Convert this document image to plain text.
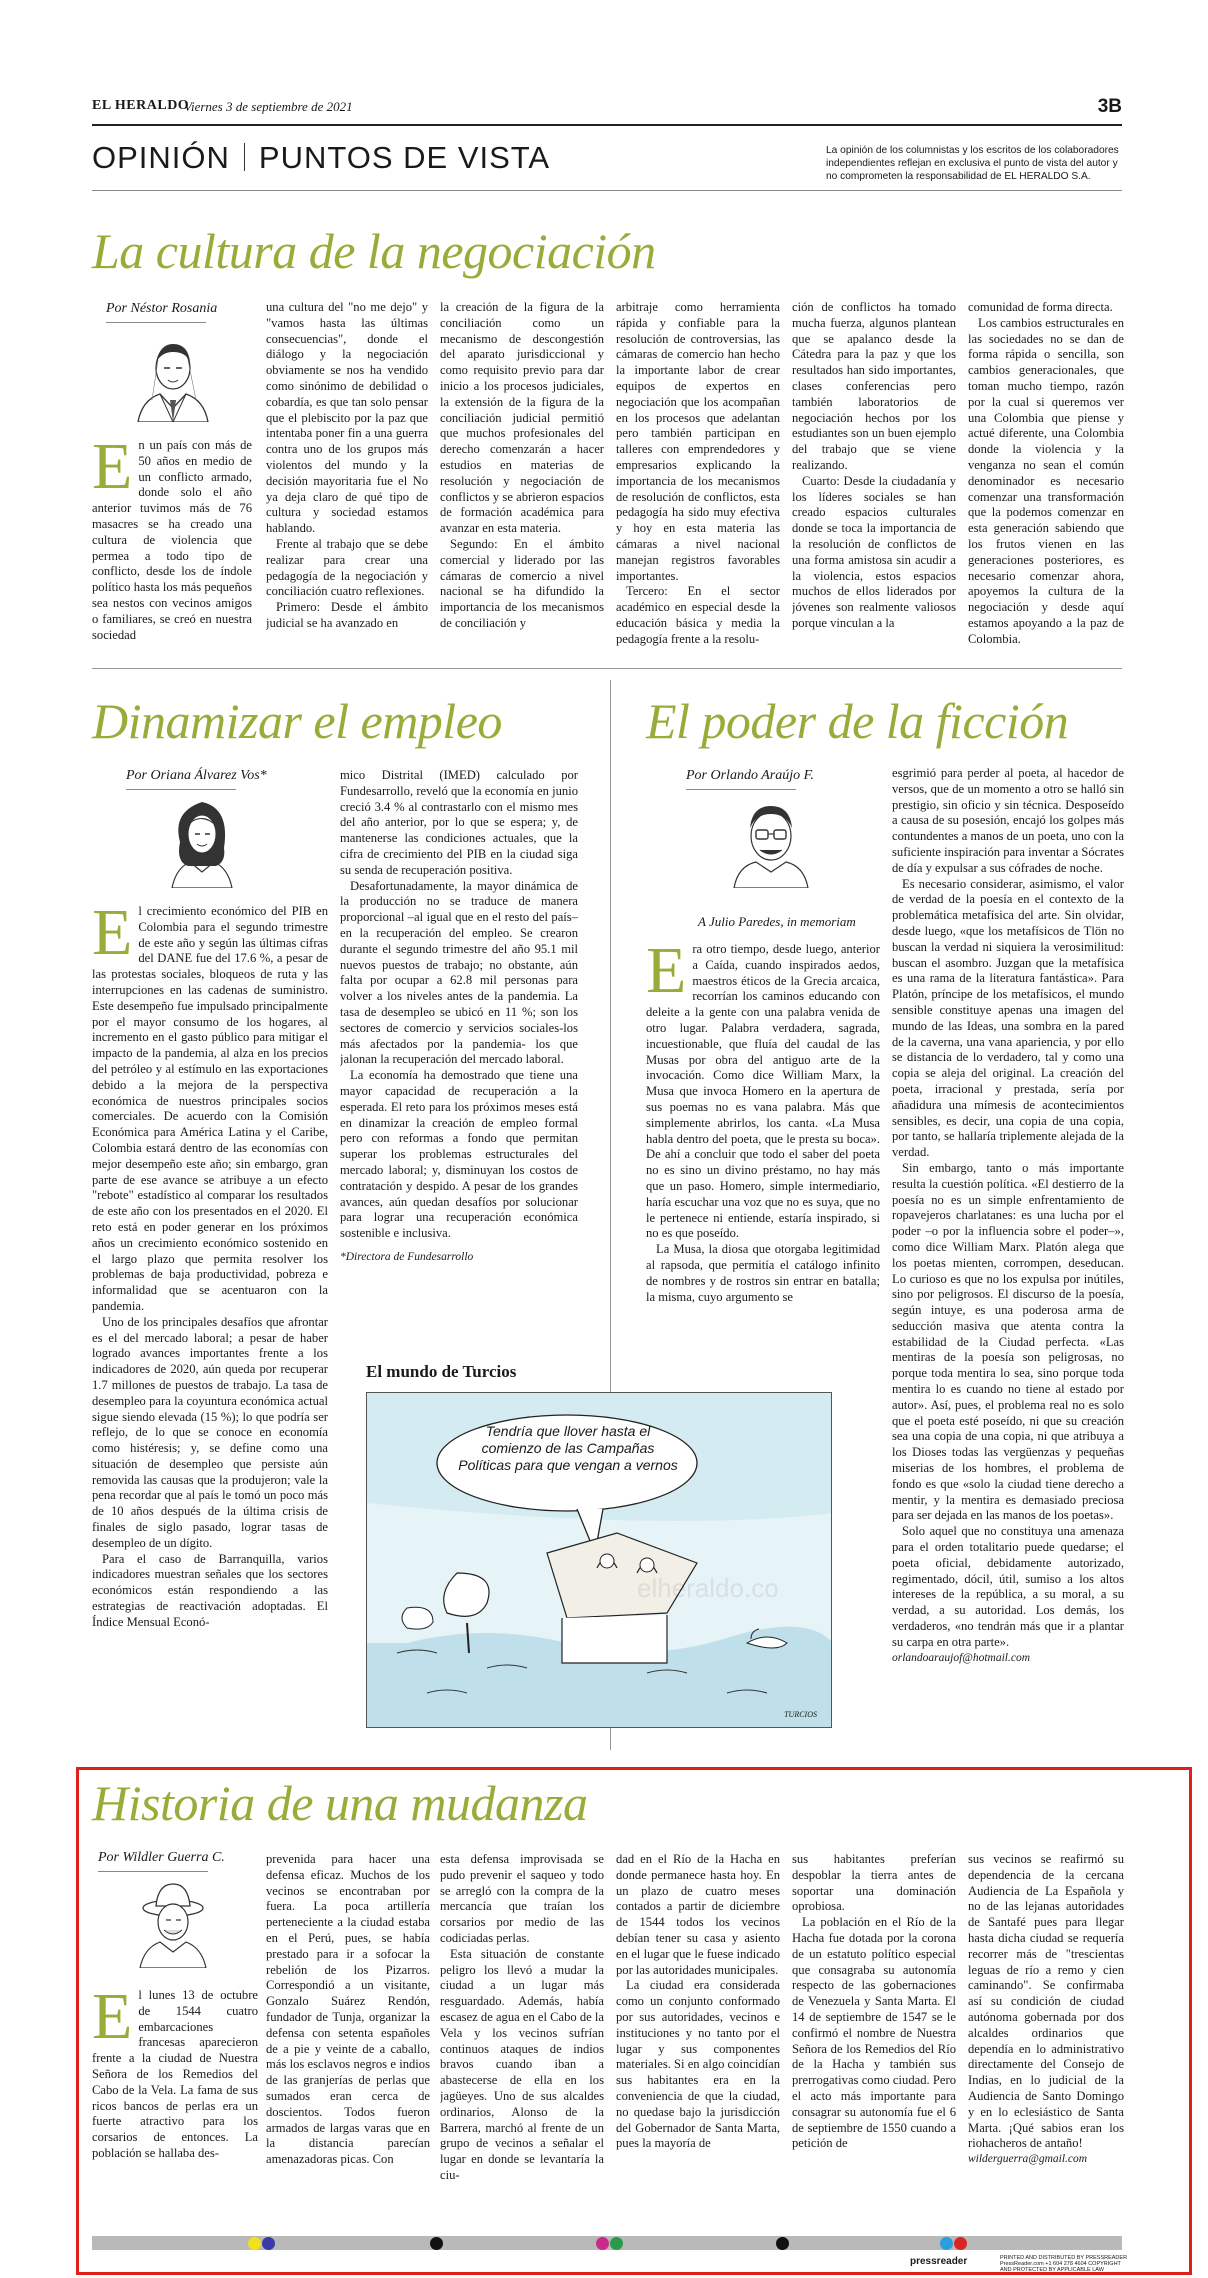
EL HERALDO
Viernes 3 de septiembre de 2021	3B
OPINIÓN PUNTOS DE VISTA	La opinión de los columnistas y los escritos de los colaboradores independientes reflejan en exclusiva el punto de vista del autor y no comprometen la responsabilidad de EL HERALDO S.A.
La cultura de la negociación
Por Néstor Rosania
En un país con más de 50 años en medio de un conflicto armado, donde solo el año anterior tuvimos más de 76 masacres se ha creado una cultura de violencia que permea a todo tipo de conflicto, desde los de índole político hasta los más pequeños sea nestos con vecinos amigos o familiares, se creó en nuestra sociedad

una cultura del "no me dejo" y "vamos hasta las últimas consecuencias", donde el diálogo y la negociación obviamente se nos ha vendido como sinónimo de debilidad o cobardía, es que tan solo pensar que el plebiscito por la paz que intentaba poner fin a una guerra contra uno de los grupos más violentos del mundo y la decisión mayoritaria fue el No ya deja claro de qué tipo de cultura y sociedad estamos hablando.

Frente al trabajo que se debe realizar para crear una pedagogía de la negociación y conciliación cuatro reflexiones.

Primero: Desde el ámbito judicial se ha avanzado en

la creación de la figura de la conciliación como un mecanismo de descongestión del aparato jurisdiccional y como requisito previo para dar inicio a los procesos judiciales, la extensión de la figura de la conciliación judicial permitió que muchos profesionales del derecho comenzarán a hacer estudios en materias de resolución y negociación de conflictos y se abrieron espacios de formación académica para avanzar en esta materia.

Segundo: En el ámbito comercial y liderado por las cámaras de comercio a nivel nacional se ha difundido la importancia de los mecanismos de conciliación y

arbitraje como herramienta rápida y confiable para la resolución de controversias, las cámaras de comercio han hecho la importante labor de crear equipos de expertos en negociación que los acompañan en los procesos que adelantan pero también participan en talleres con emprendedores y empresarios explicando la importancia de los mecanismos de resolución de conflictos, esta pedagogía ha sido muy efectiva y hoy en esta materia las cámaras a nivel nacional manejan registros favorables importantes.

Tercero: En el sector académico en especial desde la educación básica y media la pedagogía frente a la resolu-

ción de conflictos ha tomado mucha fuerza, algunos plantean que se apalanco desde la Cátedra para la paz y que los resultados han sido importantes, clases conferencias pero también laboratorios de negociación hechos por los estudiantes son un buen ejemplo del trabajo que se viene realizando.

Cuarto: Desde la ciudadanía y los líderes sociales se han creado espacios culturales donde se toca la importancia de la resolución de conflictos de una forma amistosa sin acudir a la violencia, estos espacios muchos de ellos liderados por jóvenes son realmente valiosos porque vinculan a la

comunidad de forma directa.

Los cambios estructurales en las sociedades no se dan de forma rápida o sencilla, son cambios generacionales, que toman mucho tiempo, razón por la cual si queremos ver una Colombia que piense y actué diferente, una Colombia donde la violencia y la venganza no sean el común denominador es necesario comenzar una transformación que la podemos comenzar en esta generación sabiendo que los frutos vienen en las generaciones posteriores, es necesario comenzar ahora, apoyemos la cultura de la negociación y desde aquí estamos apoyando a la paz de Colombia.

Dinamizar el empleo
Por Oriana Álvarez Vos*
El crecimiento económico del PIB en Colombia para el segundo trimestre de este año y según las últimas cifras del DANE fue del 17.6 %, a pesar de las protestas sociales, bloqueos de ruta y las interrupciones en las cadenas de suministro. Este desempeño fue impulsado principalmente por el mayor consumo de los hogares, al incremento en el gasto público para mitigar el impacto de la pandemia, al alza en los precios del petróleo y al estímulo en las exportaciones debido a la mejora de la perspectiva económica de nuestros principales socios comerciales. De acuerdo con la Comisión Económica para América Latina y el Caribe, Colombia estará dentro de las economías con mejor desempeño este año; sin embargo, gran parte de ese avance se atribuye a un efecto "rebote" estadístico al comparar los resultados de este año con los presentados en el 2020. El reto está en poder generar en los próximos años un crecimiento económico sostenido en el largo plazo que permita resolver los problemas de baja productividad, pobreza e informalidad que se acentuaron con la pandemia.

Uno de los principales desafíos que afrontar es el del mercado laboral; a pesar de haber logrado avances importantes frente a los indicadores de 2020, aún queda por recuperar 1.7 millones de puestos de trabajo. La tasa de desempleo para la coyuntura económica actual sigue siendo elevada (15 %); lo que podría ser reflejo, de lo que se conoce en economía como histéresis; y, se define como una situación de desempleo que persiste aún removida las causas que la produjeron; vale la pena recordar que al país le tomó un poco más de 10 años después de la última crisis de finales de siglo pasado, lograr tasas de desempleo de un dígito.

Para el caso de Barranquilla, varios indicadores muestran señales que los sectores económicos están respondiendo a las estrategias de reactivación adoptadas. El Índice Mensual Econó-

mico Distrital (IMED) calculado por Fundesarrollo, reveló que la economía en junio creció 3.4 % al contrastarlo con el mismo mes del año anterior, por lo que se espera; y, de mantenerse las condiciones actuales, que la cifra de crecimiento del PIB en la ciudad siga su senda de recuperación positiva.

Desafortunadamente, la mayor dinámica de la producción no se traduce de manera proporcional –al igual que en el resto del país– en la recuperación del empleo. Se crearon durante el segundo trimestre del año 95.1 mil nuevos puestos de trabajo; no obstante, aún falta por ocupar a 62.8 mil personas para volver a los niveles antes de la pandemia. La tasa de desempleo se ubicó en 11 %; son los sectores de comercio y servicios sociales-los más afectados por la pandemia- los que jalonan la recuperación del mercado laboral.

La economía ha demostrado que tiene una mayor capacidad de recuperación a la esperada. El reto para los próximos meses está en dinamizar la creación de empleo formal pero con reformas a fondo que permitan superar los problemas estructurales del mercado laboral; y, disminuyan los costos de contratación y despido. A pesar de los grandes avances, aún quedan desafíos por solucionar para lograr una recuperación económica sostenible e inclusiva.

*Directora de Fundesarrollo
El mundo de Turcios
Tendría que llover hasta el comienzo de las Campañas Políticas para que vengan a vernos
elheraldo.co
TURCIOS
El poder de la ficción
Por Orlando Araújo F.
A Julio Paredes, in memoriam
Era otro tiempo, desde luego, anterior a Caída, cuando inspirados aedos, maestros éticos de la Grecia arcaica, recorrían los caminos educando con deleite a la gente con una palabra venida de otro lugar. Palabra verdadera, sagrada, incuestionable, que fluía del caudal de las Musas por obra del antiguo arte de la invocación. Como dice William Marx, la Musa que invoca Homero en la apertura de sus poemas no es vana palabra. Más que simplemente abrirlos, los canta. «La Musa habla dentro del poeta, que le presta su boca». De ahí a concluir que todo el saber del poeta no es sino un divino préstamo, no hay más que un paso. Homero, simple intermediario, haría escuchar una voz que no es suya, que no le pertenece ni entiende, estaría inspirado, si no es que poseído.

La Musa, la diosa que otorgaba legitimidad al rapsoda, que permitía el catálogo infinito de nombres y de rostros sin entrar en batalla; la misma, cuyo argumento se

esgrimió para perder al poeta, al hacedor de versos, que de un momento a otro se halló sin prestigio, sin oficio y sin técnica. Desposeído a causa de su posesión, encajó los golpes más contundentes a manos de un poeta, uno con la suficiente inspiración para inventar a Sócrates de día y expulsar a sus cófrades de noche.

Es necesario considerar, asimismo, el valor de verdad de la poesía en el contexto de la problemática metafísica del arte. Sin olvidar, desde luego, «que los metafísicos de Tlön no buscan la verdad ni siquiera la verosimilitud: buscan el asombro. Juzgan que la metafísica es una rama de la literatura fantástica». Para Platón, príncipe de los metafísicos, el mundo sensible constituye apenas una imagen del mundo de las Ideas, una sombra en la pared de la caverna, una vana apariencia, y por ello se distancia de lo verdadero, tal y como una copia se aleja del original. La creación del poeta, irracional y prestada, sería por añadidura una mímesis de acontecimientos sensibles, es decir, una copia de una copia, por tanto, se hallaría triplemente alejada de la verdad.

Sin embargo, tanto o más importante resulta la cuestión política. «El destierro de la poesía no es un simple enfrentamiento de ropavejeros charlatanes: es una lucha por el poder –o por la influencia sobre el poder–», como dice William Marx. Platón alega que los poetas mienten, corrompen, deseducan. Lo curioso es que no los expulsa por inútiles, sino por peligrosos. El discurso de la poesía, según intuye, es una poderosa arma de seducción masiva que atenta contra la estabilidad de la Ciudad perfecta. «Las mentiras de la poesía son peligrosas, no porque toda mentira lo sea, sino porque toda mentira lo es cuando no tiene al estado por autor». Así, pues, el problema real no es solo que el poeta esté poseído, ni que su creación sea una copia de una copia, ni que atribuya a los Dioses todas las vergüenzas y pequeñas miserias de los hombres, el problema de fondo es que «solo la ciudad tiene derecho a mentir, y la mentira es demasiado preciosa para ser dejada en las manos de los poetas».

Solo aquel que no constituya una amenaza para el orden totalitario puede quedarse; el poeta oficial, debidamente autorizado, regimentado, dócil, útil, sumiso a los altos intereses de la república, a su moral, a su verdad, a su autoridad. Los demás, los verdaderos, «no tendrán más que ir a plantar su carpa en otra parte».

orlandoaraujof@hotmail.com
Historia de una mudanza
Por Wildler Guerra C.
El lunes 13 de octubre de 1544 cuatro embarcaciones francesas aparecieron frente a la ciudad de Nuestra Señora de los Remedios del Cabo de la Vela. La fama de sus ricos bancos de perlas era un fuerte atractivo para los corsarios de entonces. La población se hallaba des-

prevenida para hacer una defensa eficaz. Muchos de los vecinos se encontraban por fuera. La poca artillería perteneciente a la ciudad estaba en el Perú, pues, se había prestado para ir a sofocar la rebelión de los Pizarros. Correspondió a un visitante, Gonzalo Suárez Rendón, fundador de Tunja, organizar la defensa con setenta españoles de a pie y veinte de a caballo, más los esclavos negros e indios de las granjerías de perlas que sumados eran cerca de doscientos. Todos fueron armados de largas varas que en la distancia parecían amenazadoras picas. Con

esta defensa improvisada se pudo prevenir el saqueo y todo se arregló con la compra de la mercancía que traían los corsarios por medio de las codiciadas perlas.

Esta situación de constante peligro los llevó a mudar la ciudad a un lugar más resguardado. Además, había escasez de agua en el Cabo de la Vela y los vecinos sufrían continuos ataques de indios bravos cuando iban a abastecerse de ella en los jagüeyes. Uno de sus alcaldes ordinarios, Alonso de la Barrera, marchó al frente de un grupo de vecinos a señalar el lugar en donde se levantaría la ciu-

dad en el Río de la Hacha en donde permanece hasta hoy. En un plazo de cuatro meses contados a partir de diciembre de 1544 todos los vecinos debían tener su casa y asiento en el lugar que le fuese indicado por las autoridades municipales.

La ciudad era considerada como un conjunto conformado por sus autoridades, vecinos e instituciones y no tanto por el lugar y sus componentes materiales. Si en algo coincidían sus habitantes era en la conveniencia de que la ciudad, no quedase bajo la jurisdicción del Gobernador de Santa Marta, pues la mayoría de

sus habitantes preferían despoblar la tierra antes de soportar una dominación oprobiosa.

La población en el Río de la Hacha fue dotada por la corona de un estatuto político especial que consagraba su autonomía respecto de las gobernaciones de Venezuela y Santa Marta. El 14 de septiembre de 1547 se le confirmó el nombre de Nuestra Señora de los Remedios del Río de la Hacha y también sus prerrogativas como ciudad. Pero el acto más importante para consagrar su autonomía fue el 6 de septiembre de 1550 cuando a petición de

sus vecinos se reafirmó su dependencia de la cercana Audiencia de La Española y no de las lejanas autoridades de Santafé pues para llegar hasta dicha ciudad se requería recorrer más de "trescientas leguas de río a remo y cien caminando". Se confirmaba así su condición de ciudad autónoma gobernada por dos alcaldes ordinarios que dependía en lo administrativo directamente del Consejo de Indias, en lo judicial de la Audiencia de Santo Domingo y en lo eclesiástico de Santa Marta. ¡Qué sabios eran los riohacheros de antaño!

wilderguerra@gmail.com
pressreader	PRINTED AND DISTRIBUTED BY PRESSREADER PressReader.com +1 604 278 4604 COPYRIGHT AND PROTECTED BY APPLICABLE LAW
